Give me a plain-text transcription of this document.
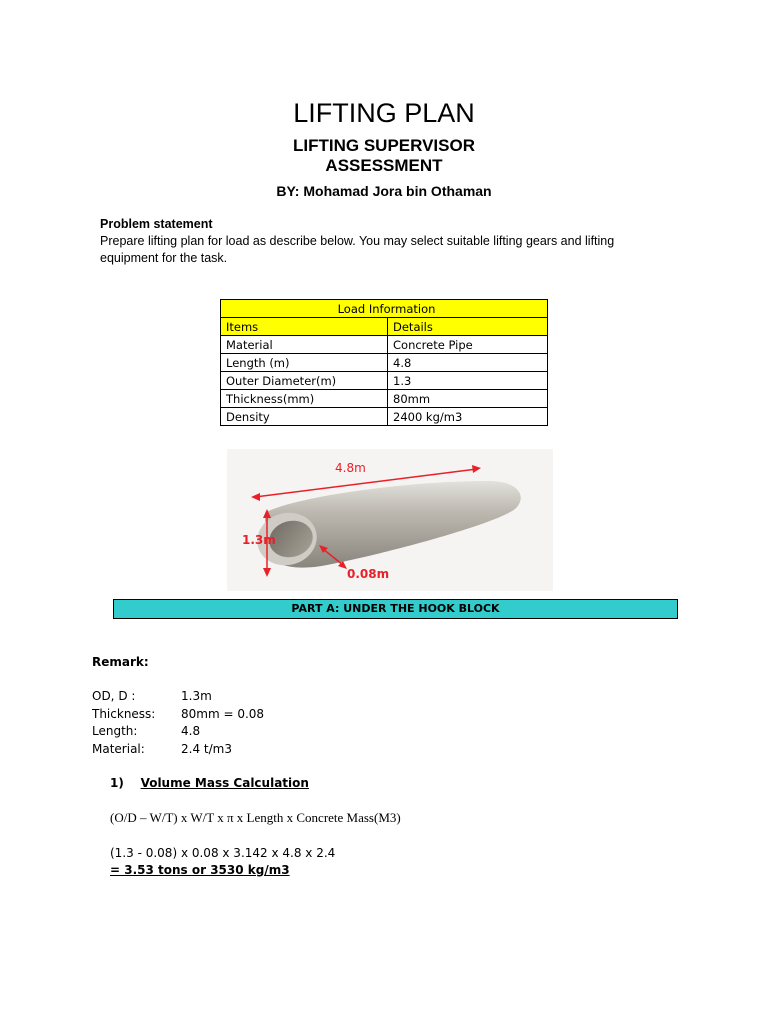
LIFTING PLAN
LIFTING SUPERVISOR
ASSESSMENT
BY: Mohamad Jora bin Othaman
Problem statement
Prepare lifting plan for load as describe below. You may select suitable lifting gears and lifting equipment for the task.
Load Information	
Items	Details
Material	Concrete Pipe
Length (m)	4.8
Outer Diameter(m)	1.3
Thickness(mm)	80mm
Density	2400 kg/m3
4.8m
1.3m
0.08m
PART A: UNDER THE HOOK BLOCK
Remark:
OD, D :	1.3m
Thickness: 80mm = 0.08
Length:	4.8
Material:	2.4 t/m3
1) Volume Mass Calculation
(O/D – W/T) x W/T x π x Length x Concrete Mass(M3)
(1.3 - 0.08) x 0.08 x 3.142 x 4.8 x 2.4
= 3.53 tons or 3530 kg/m3
